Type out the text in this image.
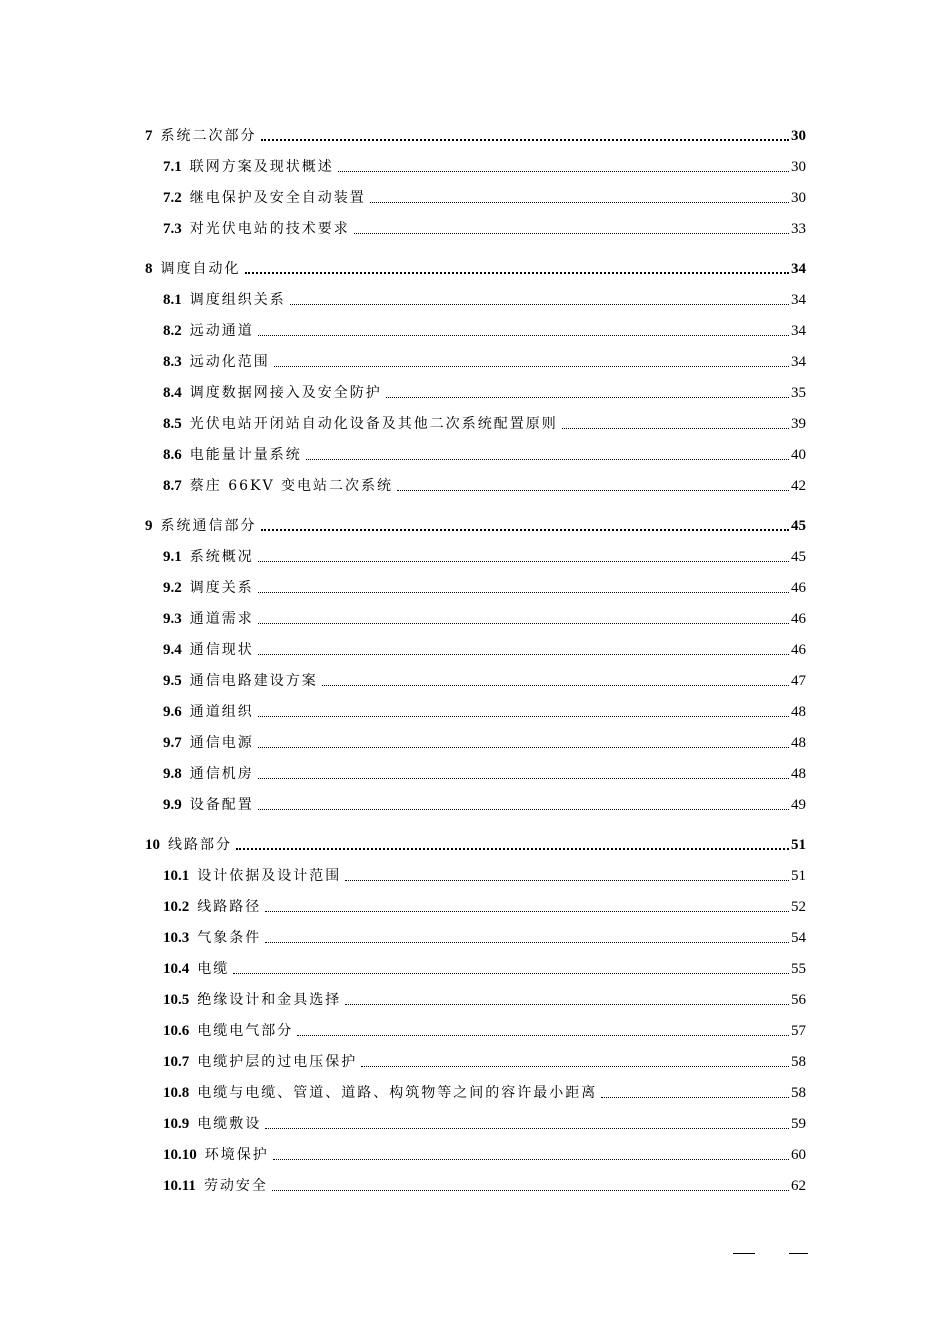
7 系统二次部分	30
7.1 联网方案及现状概述	30
7.2 继电保护及安全自动装置	30
7.3 对光伏电站的技术要求	33
8 调度自动化	34
8.1 调度组织关系	34
8.2 远动通道	34
8.3 远动化范围	34
8.4 调度数据网接入及安全防护	35
8.5 光伏电站开闭站自动化设备及其他二次系统配置原则	39
8.6 电能量计量系统	40
8.7 蔡庄 66KV 变电站二次系统	42
9 系统通信部分	45
9.1 系统概况	45
9.2 调度关系	46
9.3 通道需求	46
9.4 通信现状	46
9.5 通信电路建设方案	47
9.6 通道组织	48
9.7 通信电源	48
9.8 通信机房	48
9.9 设备配置	49
10 线路部分	51
10.1 设计依据及设计范围	51
10.2 线路路径	52
10.3 气象条件	54
10.4 电缆	55
10.5 绝缘设计和金具选择	56
10.6 电缆电气部分	57
10.7 电缆护层的过电压保护	58
10.8 电缆与电缆、管道、道路、构筑物等之间的容许最小距离	58
10.9 电缆敷设	59
10.10 环境保护	60
10.11 劳动安全	62
